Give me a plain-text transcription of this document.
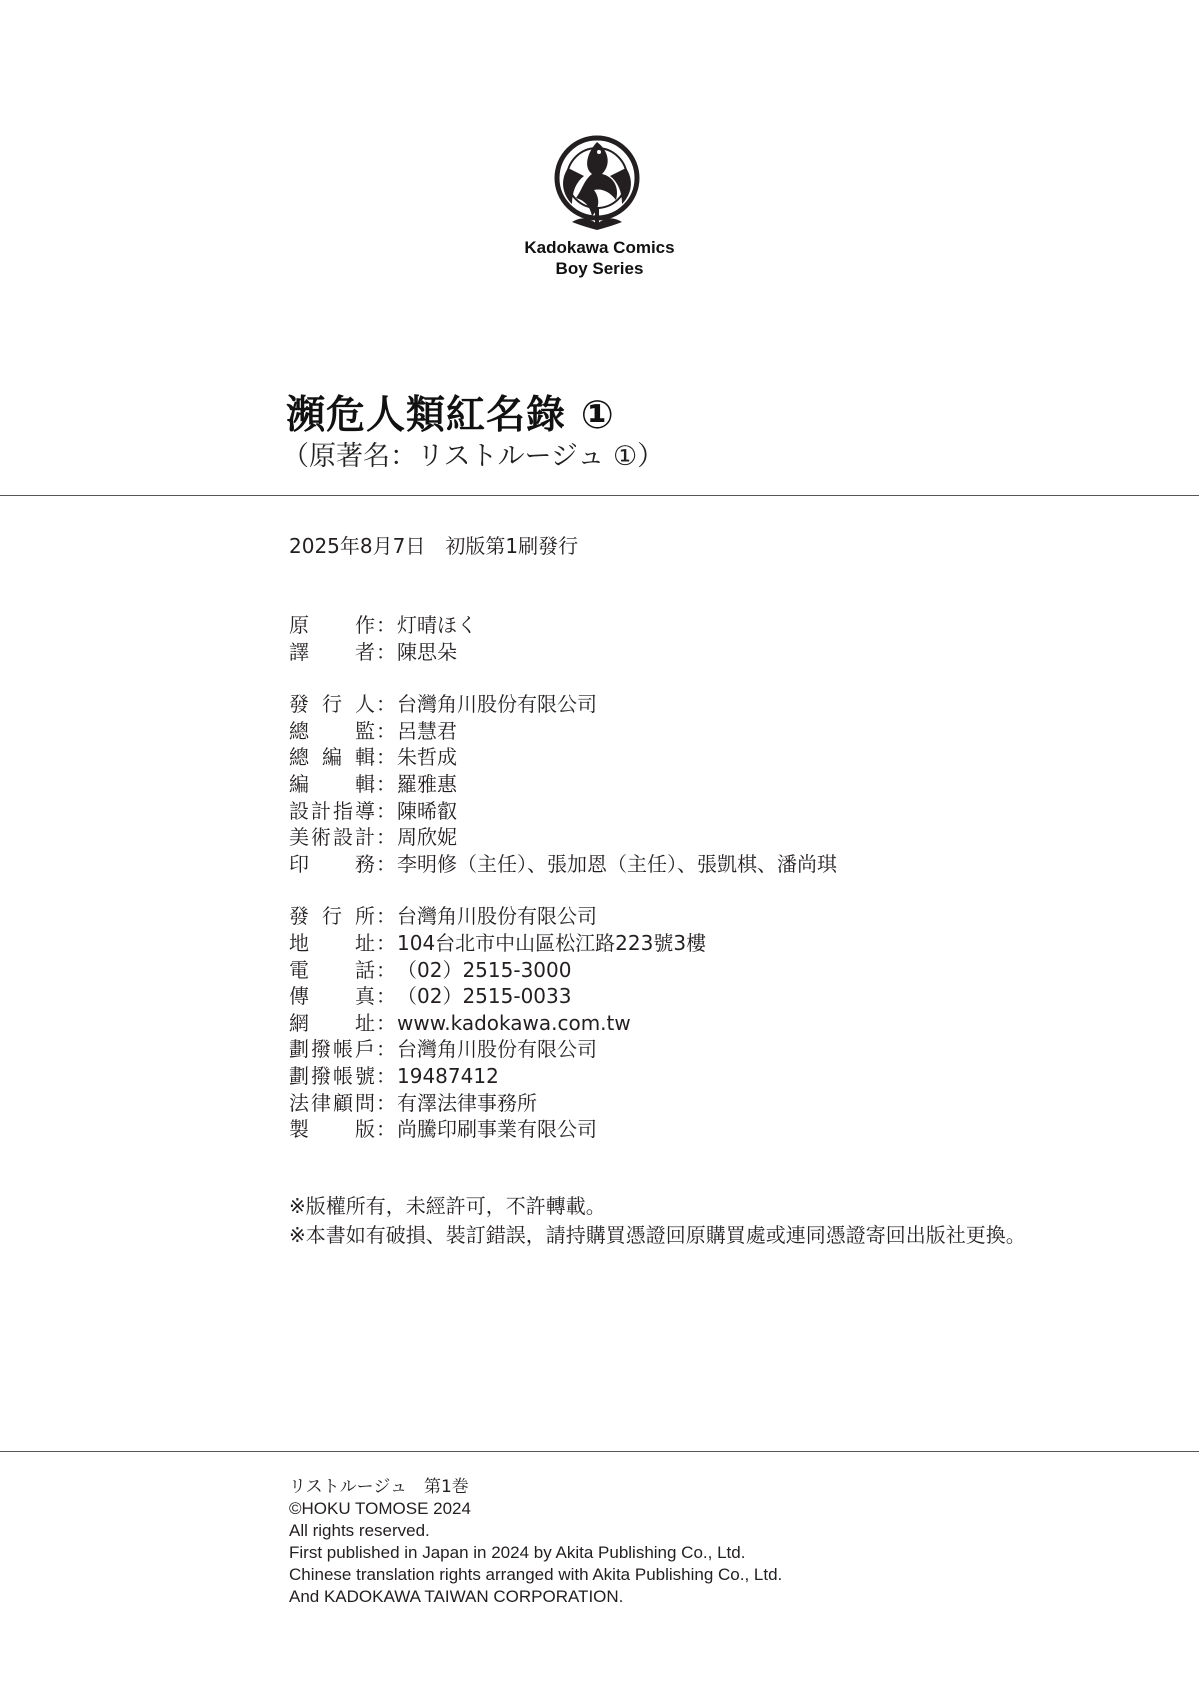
Kadokawa Comics
Boy Series
瀕危人類紅名錄 ①
（原著名：リストルージュ ①）
2025年8月7日　初版第1刷發行
原作：灯晴ほく
譯者：陳思朵
發行人：台灣角川股份有限公司
總監：呂慧君
總編輯：朱哲成
編輯：羅雅惠
設計指導：陳晞叡
美術設計：周欣妮
印務：李明修（主任）、張加恩（主任）、張凱棋、潘尚琪
發行所：台灣角川股份有限公司
地址：104台北市中山區松江路223號3樓
電話：（02）2515-3000
傳真：（02）2515-0033
網址：www.kadokawa.com.tw
劃撥帳戶：台灣角川股份有限公司
劃撥帳號：19487412
法律顧問：有澤法律事務所
製版：尚騰印刷事業有限公司
※版權所有，未經許可，不許轉載。
※本書如有破損、裝訂錯誤，請持購買憑證回原購買處或連同憑證寄回出版社更換。
リストルージュ　第1巻
©HOKU TOMOSE 2024
All rights reserved.
First published in Japan in 2024 by Akita Publishing Co., Ltd.
Chinese translation rights arranged with Akita Publishing Co., Ltd.
And KADOKAWA TAIWAN CORPORATION.
